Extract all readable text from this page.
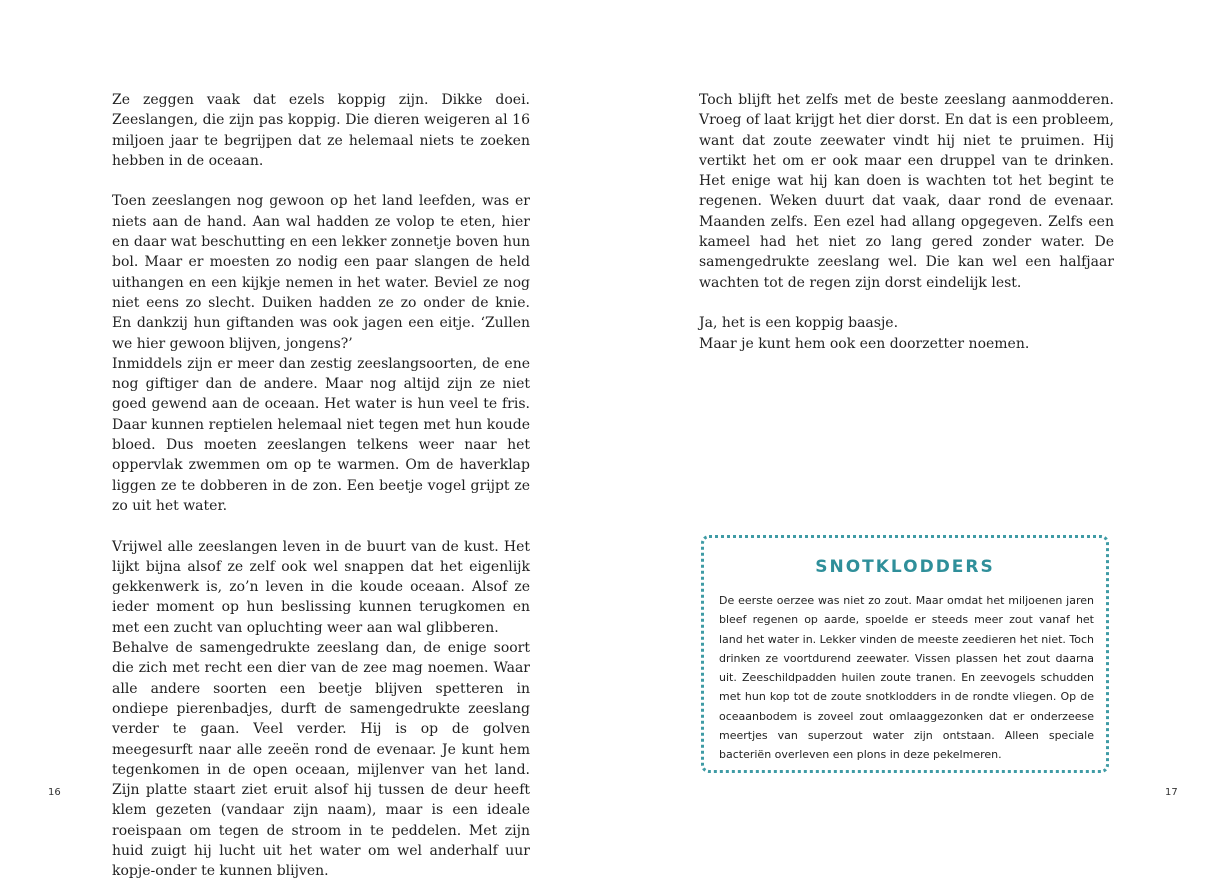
Ze zeggen vaak dat ezels koppig zijn. Dikke doei. Zeeslangen, die zijn pas koppig. Die dieren weigeren al 16 miljoen jaar te begrijpen dat ze helemaal niets te zoeken hebben in de oceaan.

Toen zeeslangen nog gewoon op het land leefden, was er niets aan de hand. Aan wal hadden ze volop te eten, hier en daar wat beschutting en een lekker zonnetje boven hun bol. Maar er moesten zo nodig een paar slangen de held uithangen en een kijkje nemen in het water. Beviel ze nog niet eens zo slecht. Duiken hadden ze zo onder de knie. En dankzij hun giftanden was ook jagen een eitje. ‘Zullen we hier gewoon blijven, jongens?’

Inmiddels zijn er meer dan zestig zeeslangsoorten, de ene nog giftiger dan de andere. Maar nog altijd zijn ze niet goed gewend aan de oceaan. Het water is hun veel te fris. Daar kunnen reptielen helemaal niet tegen met hun koude bloed. Dus moeten zeeslangen telkens weer naar het oppervlak zwemmen om op te warmen. Om de haverklap liggen ze te dobberen in de zon. Een beetje vogel grijpt ze zo uit het water.

Vrijwel alle zeeslangen leven in de buurt van de kust. Het lijkt bijna alsof ze zelf ook wel snappen dat het eigenlijk gekkenwerk is, zo’n leven in die koude oceaan. Alsof ze ieder moment op hun beslissing kunnen terugkomen en met een zucht van opluchting weer aan wal glibberen.

Behalve de samengedrukte zeeslang dan, de enige soort die zich met recht een dier van de zee mag noemen. Waar alle andere soorten een beetje blijven spetteren in ondiepe pierenbadjes, durft de samengedrukte zeeslang verder te gaan. Veel verder. Hij is op de golven meegesurft naar alle zeeën rond de evenaar. Je kunt hem tegenkomen in de open oceaan, mijlenver van het land. Zijn platte staart ziet eruit alsof hij tussen de deur heeft klem gezeten (vandaar zijn naam), maar is een ideale roeispaan om tegen de stroom in te peddelen. Met zijn huid zuigt hij lucht uit het water om wel anderhalf uur kopje-onder te kunnen blijven.

16

Toch blijft het zelfs met de beste zeeslang aanmodderen. Vroeg of laat krijgt het dier dorst. En dat is een probleem, want dat zoute zeewater vindt hij niet te pruimen. Hij vertikt het om er ook maar een druppel van te drinken. Het enige wat hij kan doen is wachten tot het begint te regenen. Weken duurt dat vaak, daar rond de evenaar. Maanden zelfs. Een ezel had allang opgegeven. Zelfs een kameel had het niet zo lang gered zonder water. De samengedrukte zeeslang wel. Die kan wel een halfjaar wachten tot de regen zijn dorst eindelijk lest.

Ja, het is een koppig baasje.

Maar je kunt hem ook een doorzetter noemen.

SNOTKLODDERS

De eerste oerzee was niet zo zout. Maar omdat het miljoenen jaren bleef regenen op aarde, spoelde er steeds meer zout vanaf het land het water in. Lekker vinden de meeste zeedieren het niet. Toch drinken ze voortdurend zeewater. Vissen plassen het zout daarna uit. Zeeschildpadden huilen zoute tranen. En zeevogels schudden met hun kop tot de zoute snotklodders in de rondte vliegen. Op de oceaanbodem is zoveel zout omlaaggezonken dat er onderzeese meertjes van superzout water zijn ontstaan. Alleen speciale bacteriën overleven een plons in deze pekelmeren.

17
